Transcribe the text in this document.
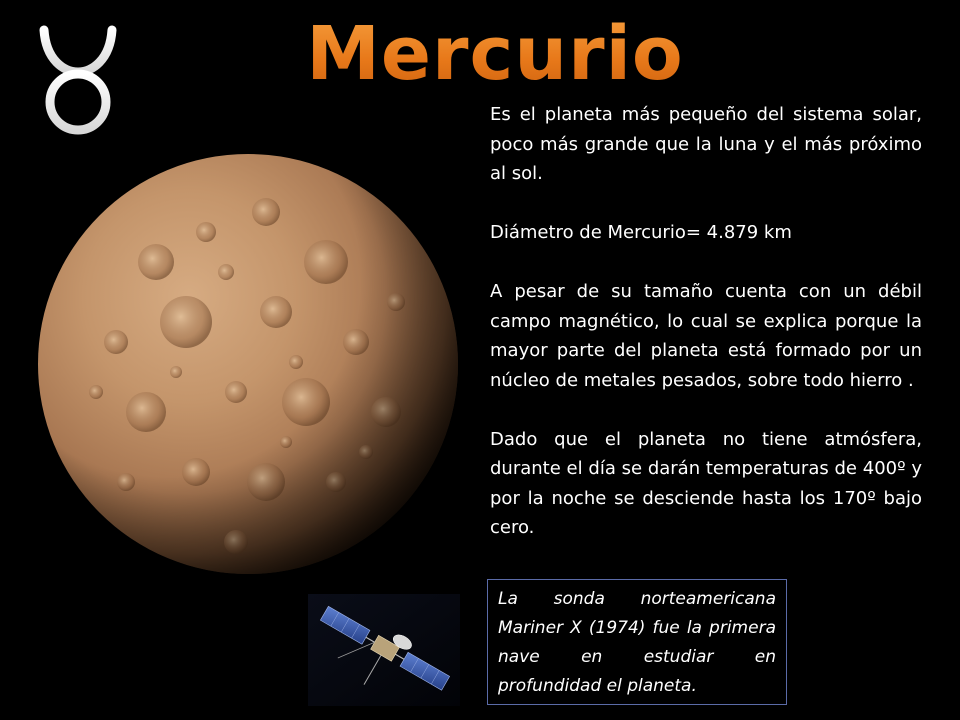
Mercurio

Es el planeta más pequeño del sistema solar, poco más grande que la luna y el más próximo al sol.

Diámetro de Mercurio= 4.879 km

A pesar de su tamaño cuenta con un débil campo magnético, lo cual se explica porque la mayor parte del planeta está formado por un núcleo de metales pesados, sobre todo hierro .

Dado que el planeta no tiene atmósfera, durante el día se darán temperaturas de 400º y por la noche se desciende hasta los 170º bajo cero.

La sonda norteamericana Mariner X (1974) fue la primera nave en estudiar en profundidad el planeta.
